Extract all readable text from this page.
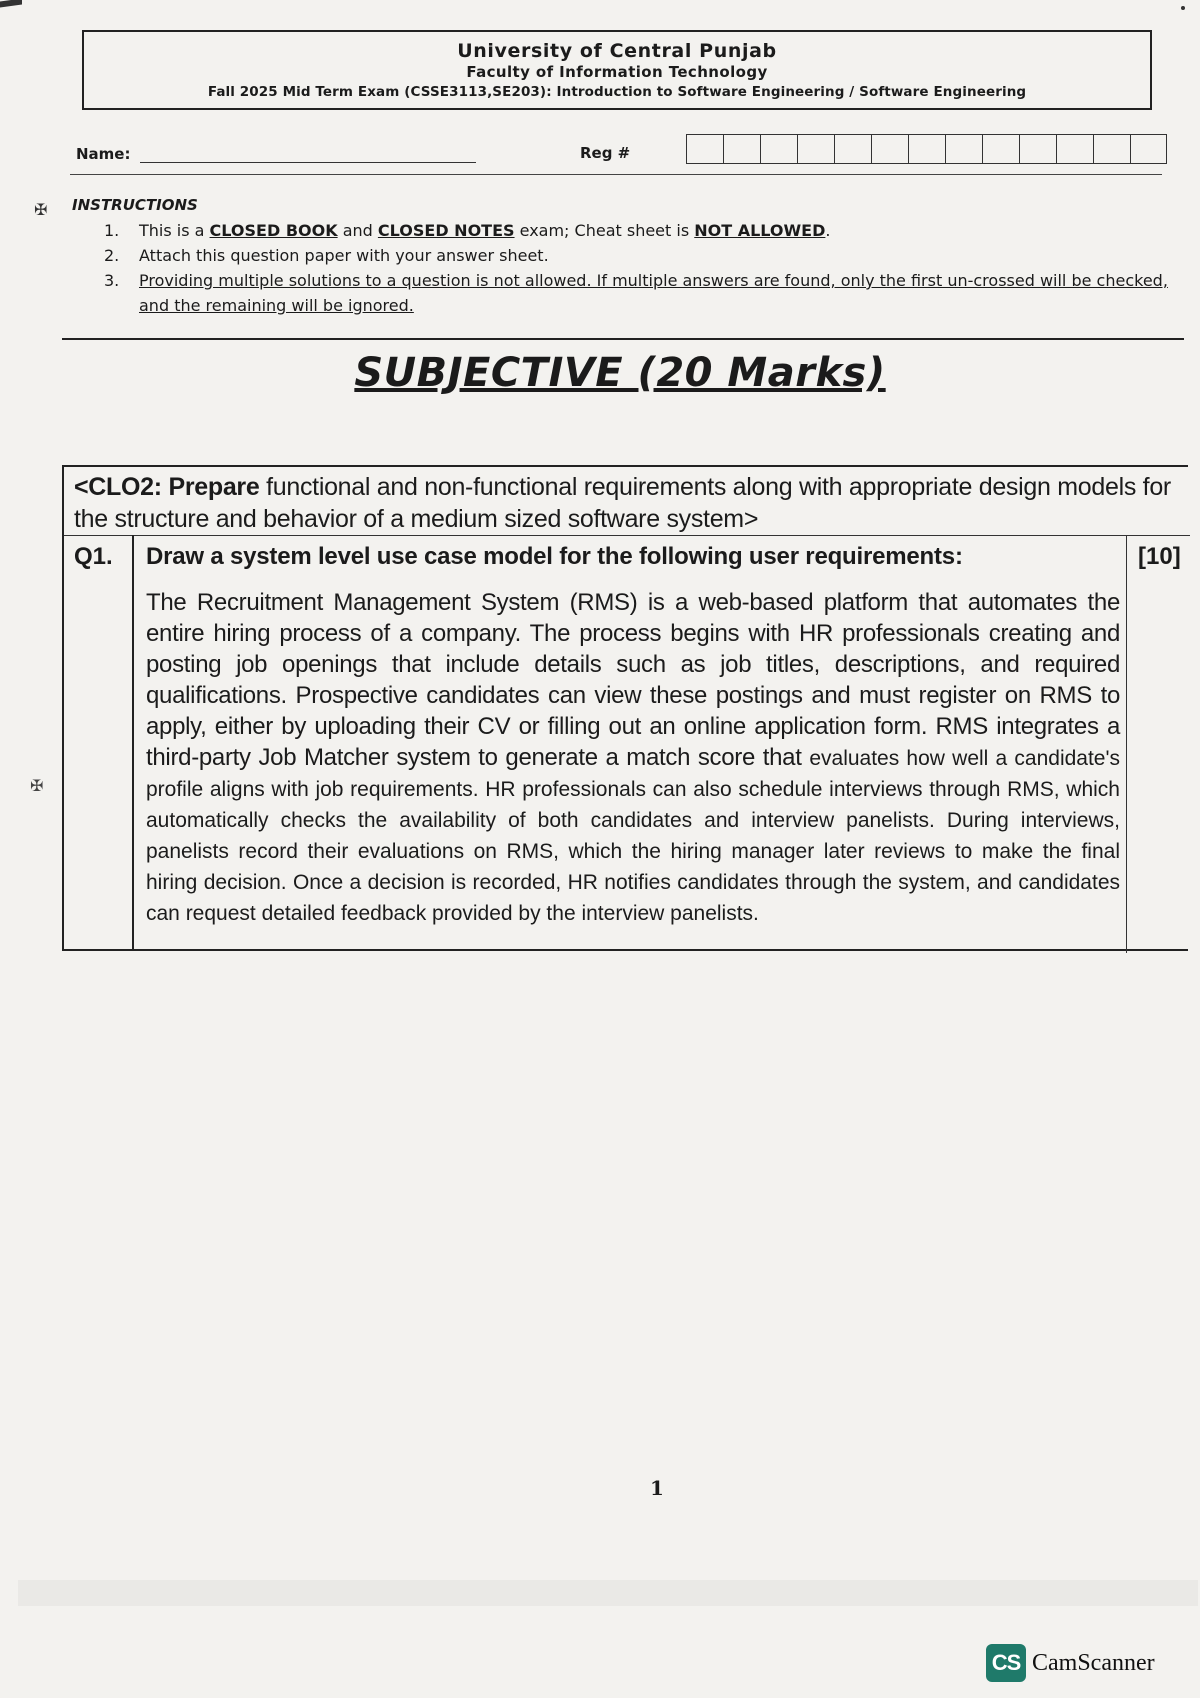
University of Central Punjab
Faculty of Information Technology
Fall 2025 Mid Term Exam (CSSE3113,SE203): Introduction to Software Engineering / Software Engineering
Name:	Reg #
✠ INSTRUCTIONS
1.	This is a CLOSED BOOK and CLOSED NOTES exam; Cheat sheet is NOT ALLOWED.
2.	Attach this question paper with your answer sheet.
3.	Providing multiple solutions to a question is not allowed. If multiple answers are found, only the first un-crossed will be checked, and the remaining will be ignored.
SUBJECTIVE (20 Marks)
<CLO2: Prepare functional and non-functional requirements along with appropriate design models for the structure and behavior of a medium sized software system>
Q1. Draw a system level use case model for the following user requirements:	[10]
The Recruitment Management System (RMS) is a web-based platform that automates the entire hiring process of a company. The process begins with HR professionals creating and posting job openings that include details such as job titles, descriptions, and required qualifications. Prospective candidates can view these postings and must register on RMS to apply, either by uploading their CV or filling out an online application form. RMS integrates a third-party Job Matcher system to generate a match score that evaluates how well a candidate's profile aligns with job requirements. HR professionals can also schedule interviews through RMS, which automatically checks the availability of both candidates and interview panelists. During interviews, panelists record their evaluations on RMS, which the hiring manager later reviews to make the final hiring decision. Once a decision is recorded, HR notifies candidates through the system, and candidates can request detailed feedback provided by the interview panelists.
✠
1
CS CamScanner
